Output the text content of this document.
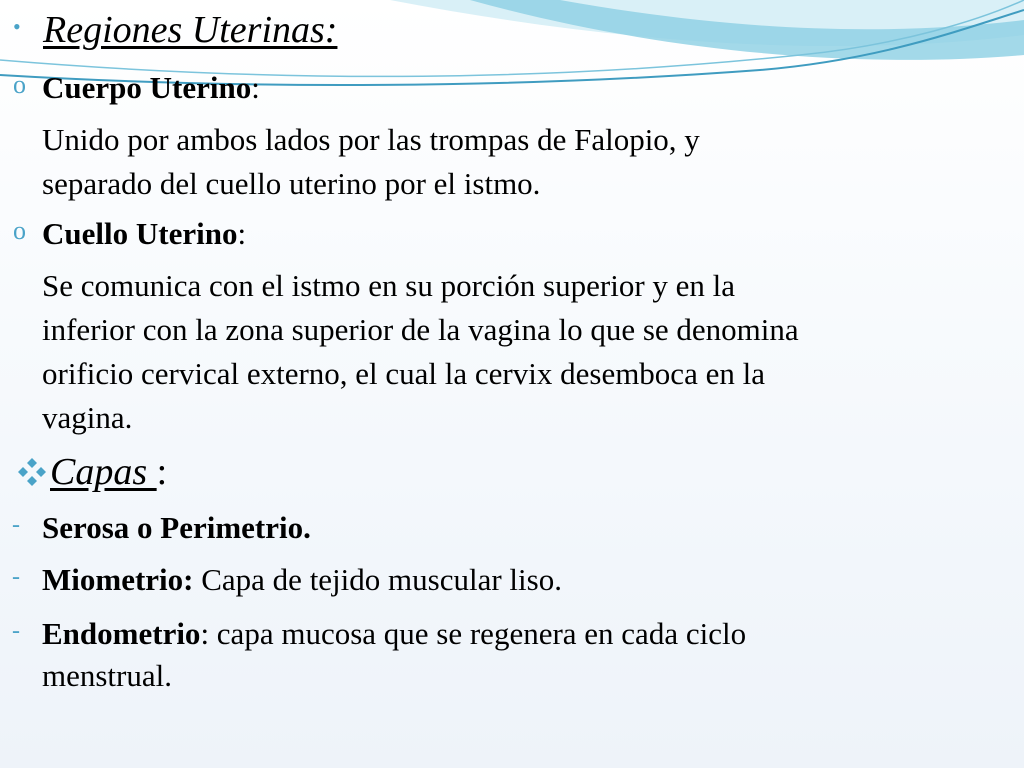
• Regiones Uterinas:
o Cuerpo Uterino:
Unido por ambos lados por las trompas de Falopio, y
separado del cuello uterino por el istmo.
o Cuello Uterino:
Se comunica con el istmo en su porción superior y en la
inferior con la zona superior de la vagina lo que se denomina
orificio cervical externo, el cual la cervix desemboca en la
vagina.
Capas :
- Serosa o Perimetrio.
- Miometrio: Capa de tejido muscular liso.
- Endometrio: capa mucosa que se regenera en cada ciclo
menstrual.
